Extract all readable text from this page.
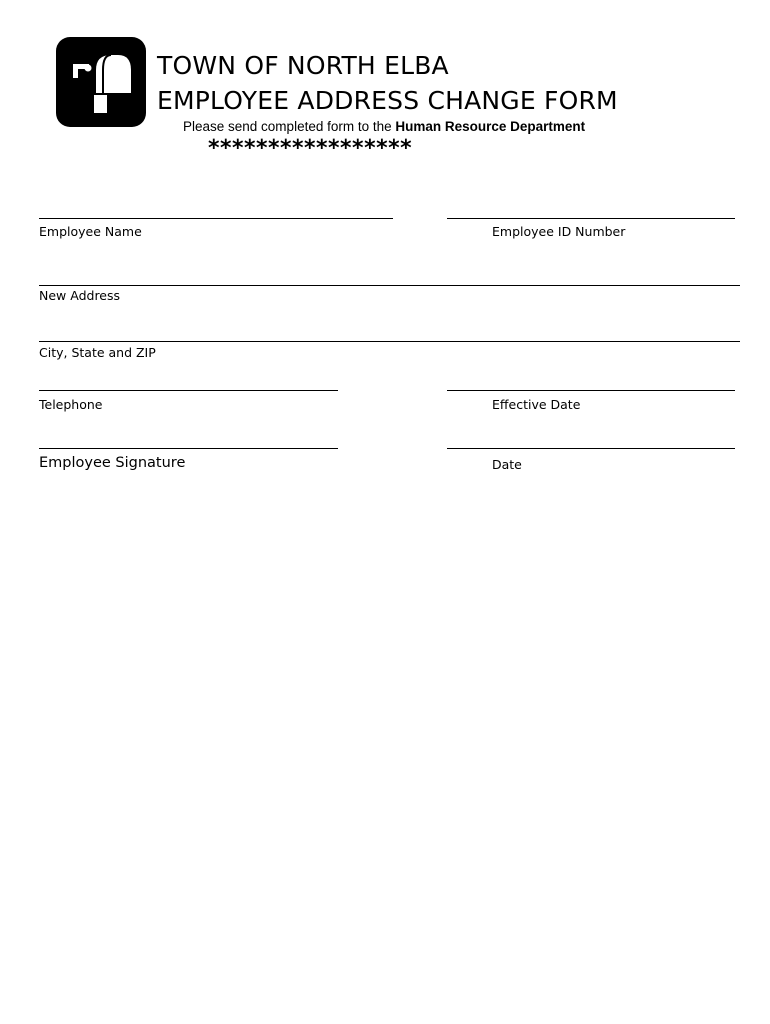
TOWN OF NORTH ELBA
EMPLOYEE ADDRESS CHANGE FORM
Please send completed form to the Human Resource Department
*****************
Employee Name	Employee ID Number
New Address
City, State and ZIP
Telephone	Effective Date
Employee Signature	Date
